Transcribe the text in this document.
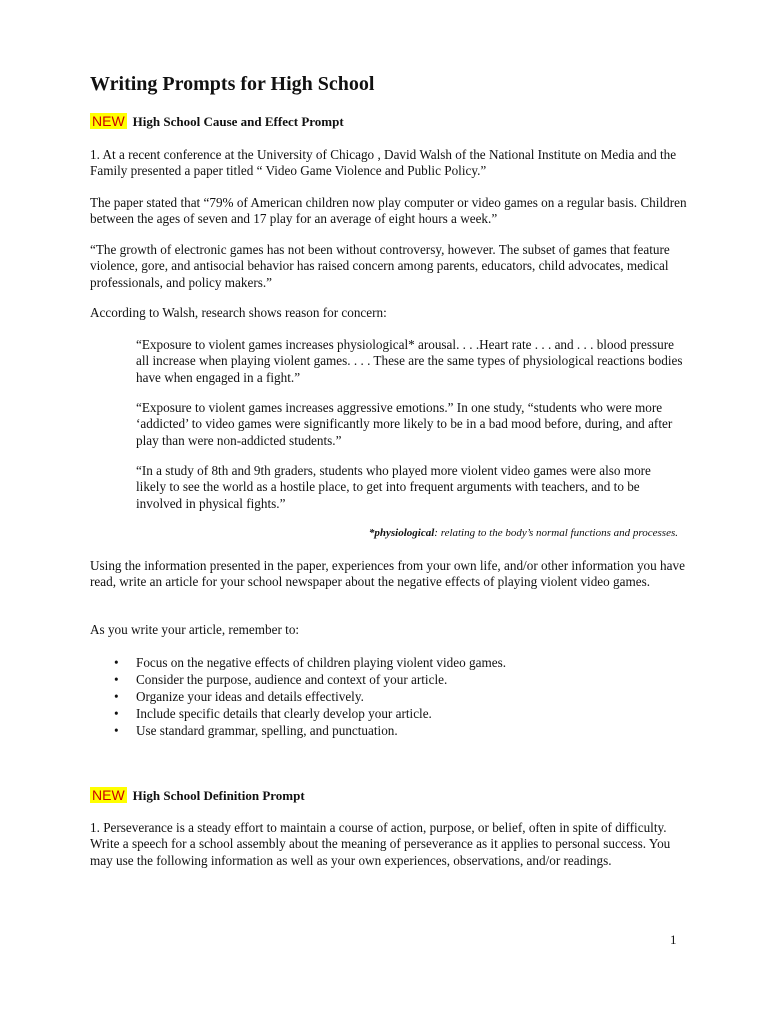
Writing Prompts for High School
NEW High School Cause and Effect Prompt

1. At a recent conference at the University of Chicago , David Walsh of the National Institute on Media and the Family presented a paper titled “ Video Game Violence and Public Policy.”

The paper stated that “79% of American children now play computer or video games on a regular basis. Children between the ages of seven and 17 play for an average of eight hours a week.”

“The growth of electronic games has not been without controversy, however. The subset of games that feature violence, gore, and antisocial behavior has raised concern among parents, educators, child advocates, medical professionals, and policy makers.”

According to Walsh, research shows reason for concern:

“Exposure to violent games increases physiological* arousal. . . .Heart rate . . . and . . . blood pressure all increase when playing violent games. . . . These are the same types of physiological reactions bodies have when engaged in a fight.”

“Exposure to violent games increases aggressive emotions.” In one study, “students who were more ‘addicted’ to video games were significantly more likely to be in a bad mood before, during, and after play than were non-addicted students.”

“In a study of 8th and 9th graders, students who played more violent video games were also more likely to see the world as a hostile place, to get into frequent arguments with teachers, and to be involved in physical fights.”

*physiological: relating to the body’s normal functions and processes.

Using the information presented in the paper, experiences from your own life, and/or other information you have read, write an article for your school newspaper about the negative effects of playing violent video games.

As you write your article, remember to:

• Focus on the negative effects of children playing violent video games.
• Consider the purpose, audience and context of your article.
• Organize your ideas and details effectively.
• Include specific details that clearly develop your article.
• Use standard grammar, spelling, and punctuation.
NEW High School Definition Prompt

1. Perseverance is a steady effort to maintain a course of action, purpose, or belief, often in spite of difficulty. Write a speech for a school assembly about the meaning of perseverance as it applies to personal success. You may use the following information as well as your own experiences, observations, and/or readings.

1
